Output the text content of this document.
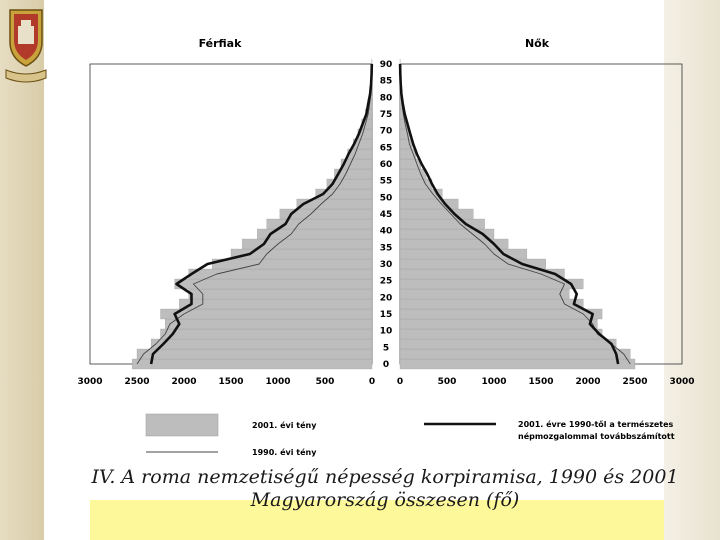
Férfiak	Nők
90
85
80
75
70
65
60
55
50
45
40
35
30
25
20
15
10
5
0
3000 2500 2000 1500 1000	500	0 0	500	1000 1500 2000 2500 3000
2001. évi tény
1990. évi tény
2001. évre 1990-től a természetes
népmozgalommal továbbszámított
IV. A roma nemzetiségű népesség korpiramisa, 1990 és 2001
Magyarország összesen (fő)
